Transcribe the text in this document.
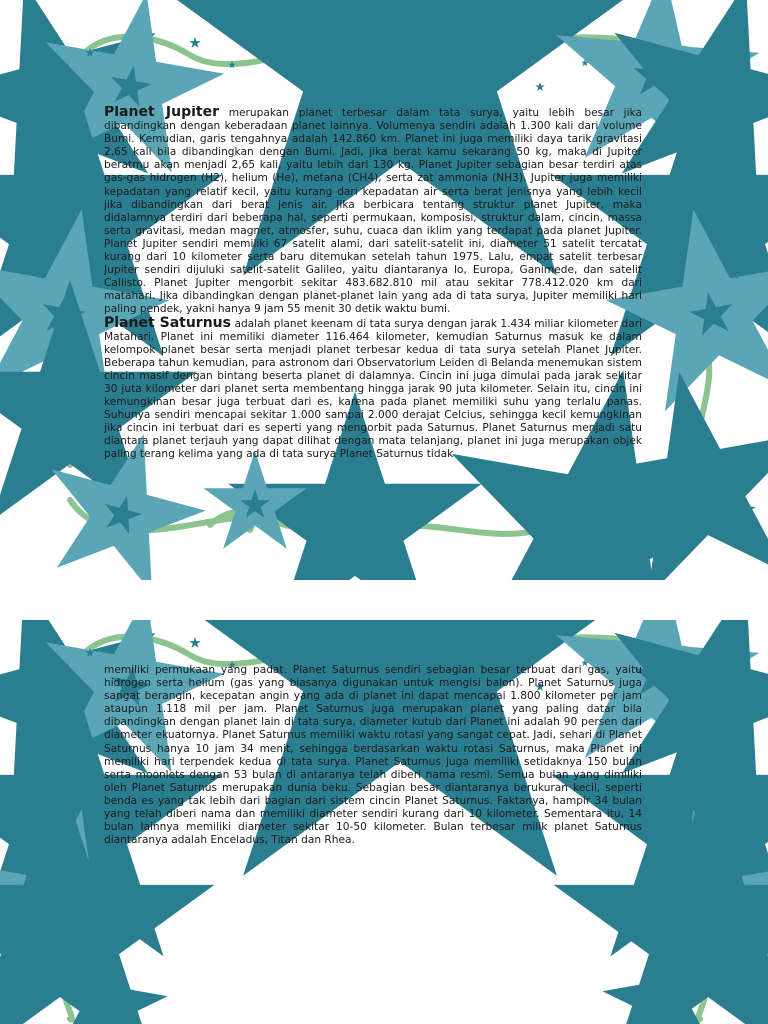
Planet Jupiter merupakan planet terbesar dalam tata surya, yaitu lebih besar jika dibandingkan dengan keberadaan planet lainnya. Volumenya sendiri adalah 1.300 kali dari volume Bumi. Kemudian, garis tengahnya adalah 142.860 km. Planet ini juga memiliki daya tarik gravitasi 2,65 kali bila dibandingkan dengan Bumi. Jadi, jika berat kamu sekarang 50 kg, maka di Jupiter beratmu akan menjadi 2,65 kali, yaitu lebih dari 130 kg. Planet Jupiter sebagian besar terdiri atas gas-gas hidrogen (H2), helium (He), metana (CH4), serta zat ammonia (NH3). Jupiter juga memiliki kepadatan yang relatif kecil, yaitu kurang dari kepadatan air serta berat jenisnya yang lebih kecil jika dibandingkan dari berat jenis air. Jika berbicara tentang struktur planet Jupiter, maka didalamnya terdiri dari beberapa hal, seperti permukaan, komposisi, struktur dalam, cincin, massa serta gravitasi, medan magnet, atmosfer, suhu, cuaca dan iklim yang terdapat pada planet Jupiter. Planet Jupiter sendiri memiliki 67 satelit alami, dari satelit-satelit ini, diameter 51 satelit tercatat kurang dari 10 kilometer serta baru ditemukan setelah tahun 1975. Lalu, empat satelit terbesar Jupiter sendiri dijuluki satelit-satelit Galileo, yaitu diantaranya Io, Europa, Ganimede, dan satelit Callisto. Planet Jupiter mengorbit sekitar 483.682.810 mil atau sekitar 778.412.020 km dari matahari. Jika dibandingkan dengan planet-planet lain yang ada di tata surya, Jupiter memiliki hari paling pendek, yakni hanya 9 jam 55 menit 30 detik waktu bumi.

Planet Saturnus adalah planet keenam di tata surya dengan jarak 1.434 miliar kilometer dari Matahari. Planet ini memiliki diameter 116.464 kilometer, kemudian Saturnus masuk ke dalam kelompok planet besar serta menjadi planet terbesar kedua di tata surya setelah Planet Jupiter. Beberapa tahun kemudian, para astronom dari Observatorium Leiden di Belanda menemukan sistem cincin masif dengan bintang beserta planet di dalamnya. Cincin ini juga dimulai pada jarak sekitar 30 juta kilometer dari planet serta membentang hingga jarak 90 juta kilometer. Selain itu, cincin ini kemungkinan besar juga terbuat dari es, karena pada planet memiliki suhu yang terlalu panas. Suhunya sendiri mencapai sekitar 1.000 sampai 2.000 derajat Celcius, sehingga kecil kemungkinan jika cincin ini terbuat dari es seperti yang mengorbit pada Saturnus. Planet Saturnus menjadi satu diantara planet terjauh yang dapat dilihat dengan mata telanjang, planet ini juga merupakan objek paling terang kelima yang ada di tata surya Planet Saturnus tidak

memiliki permukaan yang padat. Planet Saturnus sendiri sebagian besar terbuat dari gas, yaitu hidrogen serta helium (gas yang biasanya digunakan untuk mengisi balon). Planet Saturnus juga sangat berangin, kecepatan angin yang ada di planet ini dapat mencapai 1.800 kilometer per jam ataupun 1.118 mil per jam. Planet Saturnus juga merupakan planet yang paling datar bila dibandingkan dengan planet lain di tata surya, diameter kutub dari Planet ini adalah 90 persen dari diameter ekuatornya. Planet Saturnus memiliki waktu rotasi yang sangat cepat. Jadi, sehari di Planet Saturnus hanya 10 jam 34 menit, sehingga berdasarkan waktu rotasi Saturnus, maka Planet ini memiliki hari terpendek kedua di tata surya. Planet Saturnus juga memiliki setidaknya 150 bulan serta moonlets dengan 53 bulan di antaranya telah diberi nama resmi. Semua bulan yang dimiliki oleh Planet Saturnus merupakan dunia beku. Sebagian besar diantaranya berukuran kecil, seperti benda es yang tak lebih dari bagian dari sistem cincin Planet Saturnus. Faktanya, hampir 34 bulan yang telah diberi nama dan memiliki diameter sendiri kurang dari 10 kilometer. Sementara itu, 14 bulan lainnya memiliki diameter sekitar 10-50 kilometer. Bulan terbesar milik planet Saturnus diantaranya adalah Enceladus, Titan dan Rhea.
